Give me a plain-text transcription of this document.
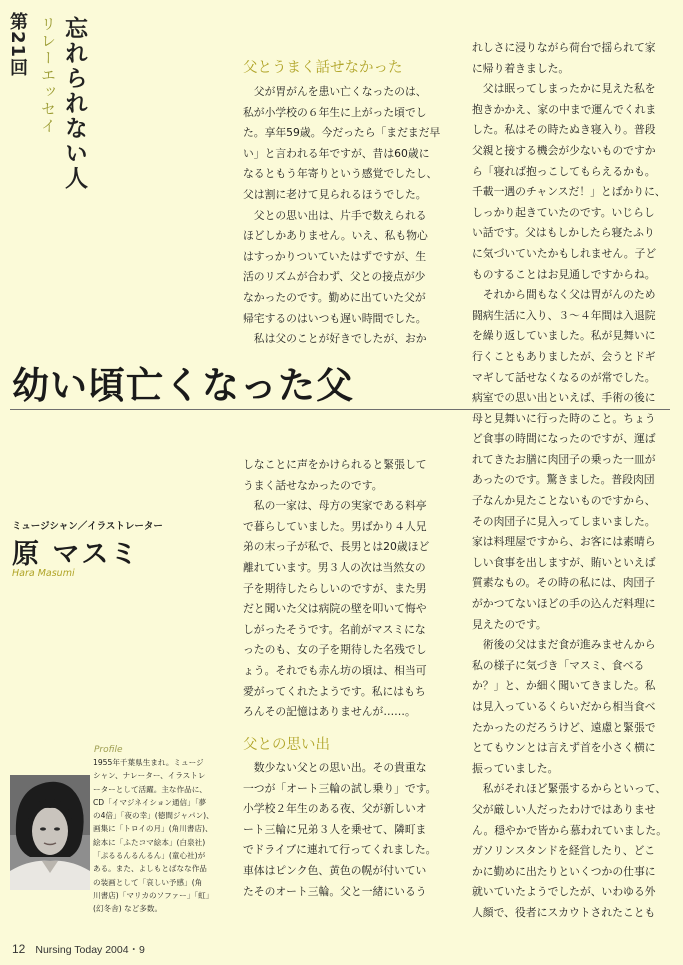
第21回 リレーエッセイ 忘れられない人	父とうまく話せなかった
　父が胃がんを患い亡くなったのは、
私が小学校の６年生に上がった頃でし
た。享年59歳。今だったら「まだまだ早
い」と言われる年ですが、昔は60歳に
なるともう年寄りという感覚でしたし、
父は割に老けて見られるほうでした。
　父との思い出は、片手で数えられる
ほどしかありません。いえ、私も物心
はすっかりついていたはずですが、生
活のリズムが合わず、父との接点が少
なかったのです。勤めに出ていた父が
帰宅するのはいつも遅い時間でした。
　私は父のことが好きでしたが、おか
幼い頃亡くなった父
ミュージシャン／イラストレーター
原 マスミ
Hara Masumi
しなことに声をかけられると緊張して
うまく話せなかったのです。
　私の一家は、母方の実家である料亭
で暮らしていました。男ばかり４人兄
弟の末っ子が私で、長男とは20歳ほど
離れています。男３人の次は当然女の
子を期待したらしいのですが、また男
だと聞いた父は病院の壁を叩いて悔や
しがったそうです。名前がマスミにな
ったのも、女の子を期待した名残でし
ょう。それでも赤ん坊の頃は、相当可
愛がってくれたようです。私にはもち
ろんその記憶はありませんが……。
父との思い出
　数少ない父との思い出。その貴重な
一つが「オート三輪の試し乗り」です。
小学校２年生のある夜、父が新しいオ
ート三輪に兄弟３人を乗せて、隣町ま
でドライブに連れて行ってくれました。
車体はピンク色、黄色の幌が付いてい
たそのオート三輪。父と一緒にいるう
れしさに浸りながら荷台で揺られて家
に帰り着きました。
　父は眠ってしまったかに見えた私を
抱きかかえ、家の中まで運んでくれま
した。私はその時たぬき寝入り。普段
父親と接する機会が少ないものですか
ら「寝れば抱っこしてもらえるかも。
千載一遇のチャンスだ！」とばかりに、
しっかり起きていたのです。いじらし
い話です。父はもしかしたら寝たふり
に気づいていたかもしれません。子ど
ものすることはお見通しですからね。
　それから間もなく父は胃がんのため
闘病生活に入り、３～４年間は入退院
を繰り返していました。私が見舞いに
行くこともありましたが、会うとドギ
マギして話せなくなるのが常でした。
病室での思い出といえば、手術の後に
母と見舞いに行った時のこと。ちょう
ど食事の時間になったのですが、運ば
れてきたお膳に肉団子の乗った一皿が
あったのです。驚きました。普段肉団
子なんか見たことないものですから、
その肉団子に見入ってしまいました。
家は料理屋ですから、お客には素晴ら
しい食事を出しますが、賄いといえば
質素なもの。その時の私には、肉団子
がかつてないほどの手の込んだ料理に
見えたのです。
　術後の父はまだ食が進みませんから
私の様子に気づき「マスミ、食べる
か？」と、か細く聞いてきました。私
は見入っているくらいだから相当食べ
たかったのだろうけど、遠慮と緊張で
とてもウンとは言えず首を小さく横に
振っていました。
　私がそれほど緊張するからといって、
父が厳しい人だったわけではありませ
ん。穏やかで皆から慕われていました。
ガソリンスタンドを経営したり、どこ
かに勤めに出たりといくつかの仕事に
就いていたようでしたが、いわゆる外
人顔で、役者にスカウトされたことも
Profile
1955年千葉県生まれ。ミュージ
シャン、ナレーター、イラストレ
ーターとして活躍。主な作品に、
CD「イマジネイション通信」「夢
の4倍」「夜の幸」(徳間ジャパン)、
画集に「トロイの月」(角川書店)、
絵本に「ふたコマ絵本」(白泉社)
「ぷるるんるんるん」(童心社)が
ある。また、よしもとばなな作品
の装画として「哀しい予感」(角
川書店)「マリカのソファー」「虹」
(幻冬舎) など多数。
12 Nursing Today 2004・9
